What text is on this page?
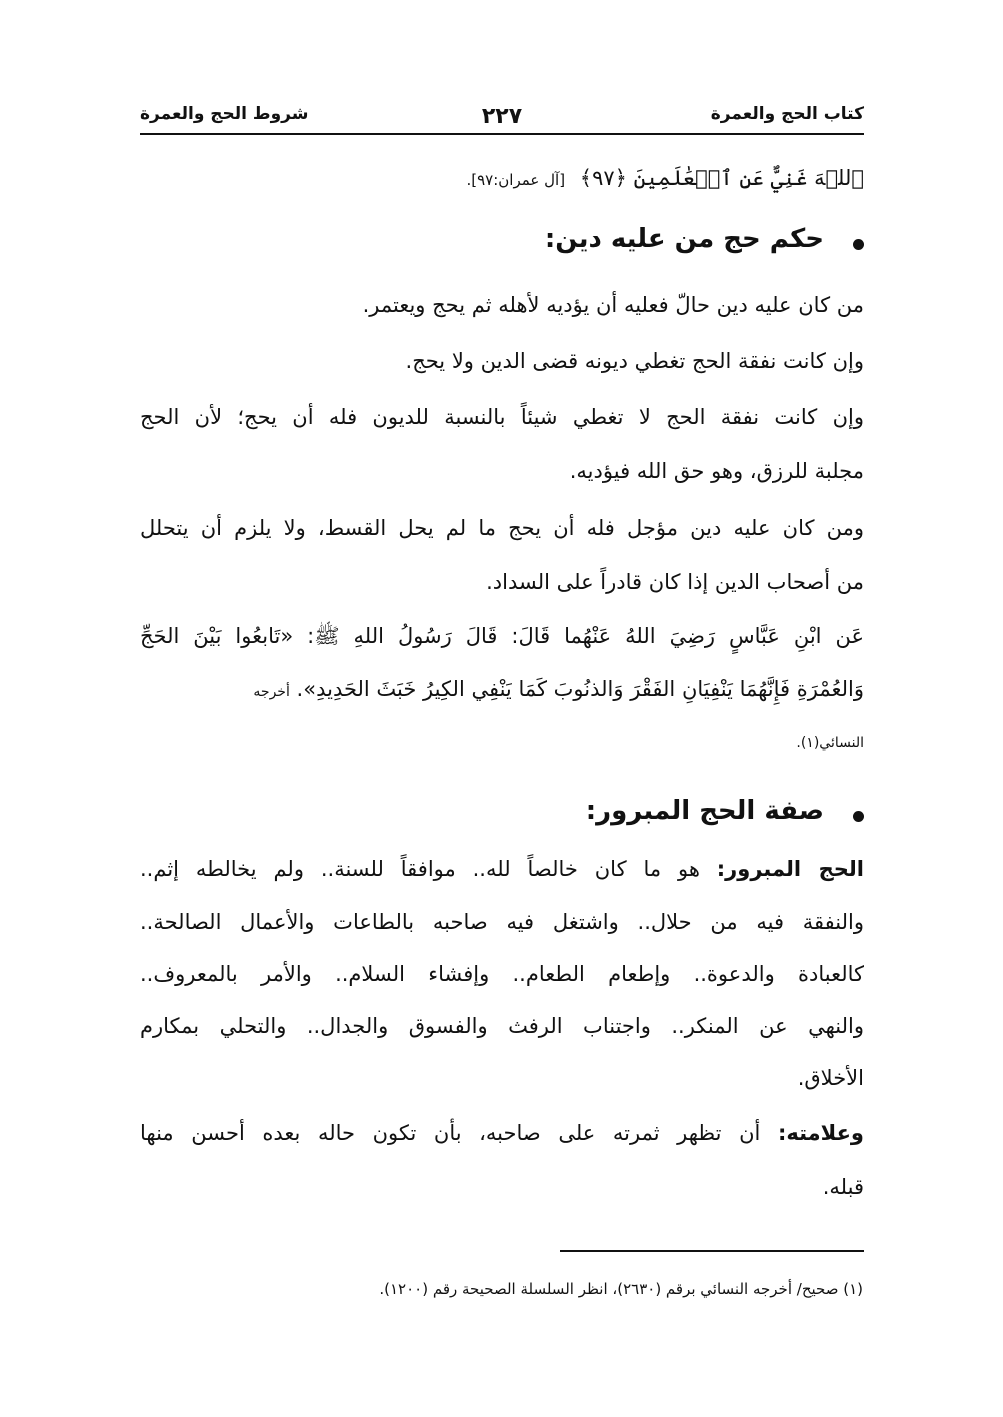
كتاب الحج والعمرة
٢٢٧
شروط الحج والعمرة
ﭐﻟﻠﱠﻪَ غَنِيٌّ عَنِ ٱلۡعَٰلَمِينَ ﴿٩٧﴾ [آل عمران:٩٧].
حكم حج من عليه دين:
من كان عليه دين حالّ فعليه أن يؤديه لأهله ثم يحج ويعتمر.
وإن كانت نفقة الحج تغطي ديونه قضى الدين ولا يحج.
وإن كانت نفقة الحج لا تغطي شيئاً بالنسبة للديون فله أن يحج؛ لأن الحج
مجلبة للرزق، وهو حق الله فيؤديه.
ومن كان عليه دين مؤجل فله أن يحج ما لم يحل القسط، ولا يلزم أن يتحلل
من أصحاب الدين إذا كان قادراً على السداد.
عَن ابْنِ عَبَّاسٍ رَضِيَ اللهُ عَنْهُما قَالَ: قَالَ رَسُولُ اللهِ ﷺ: «تَابعُوا بَيْنَ الحَجِّ
وَالعُمْرَةِ فَإِنَّهُمَا يَنْفِيَانِ الفَقْرَ وَالذنُوبَ كَمَا يَنْفِي الكِيرُ خَبَثَ الحَدِيدِ». أخرجه
النسائي(١).
صفة الحج المبرور:
الحج المبرور: هو ما كان خالصاً لله.. موافقاً للسنة.. ولم يخالطه إثم..
والنفقة فيه من حلال.. واشتغل فيه صاحبه بالطاعات والأعمال الصالحة..
كالعبادة والدعوة.. وإطعام الطعام.. وإفشاء السلام.. والأمر بالمعروف..
والنهي عن المنكر.. واجتناب الرفث والفسوق والجدال.. والتحلي بمكارم
الأخلاق.
وعلامته: أن تظهر ثمرته على صاحبه، بأن تكون حاله بعده أحسن منها
قبله.
(١) صحيح/ أخرجه النسائي برقم (٢٦٣٠)، انظر السلسلة الصحيحة رقم (١٢٠٠).
